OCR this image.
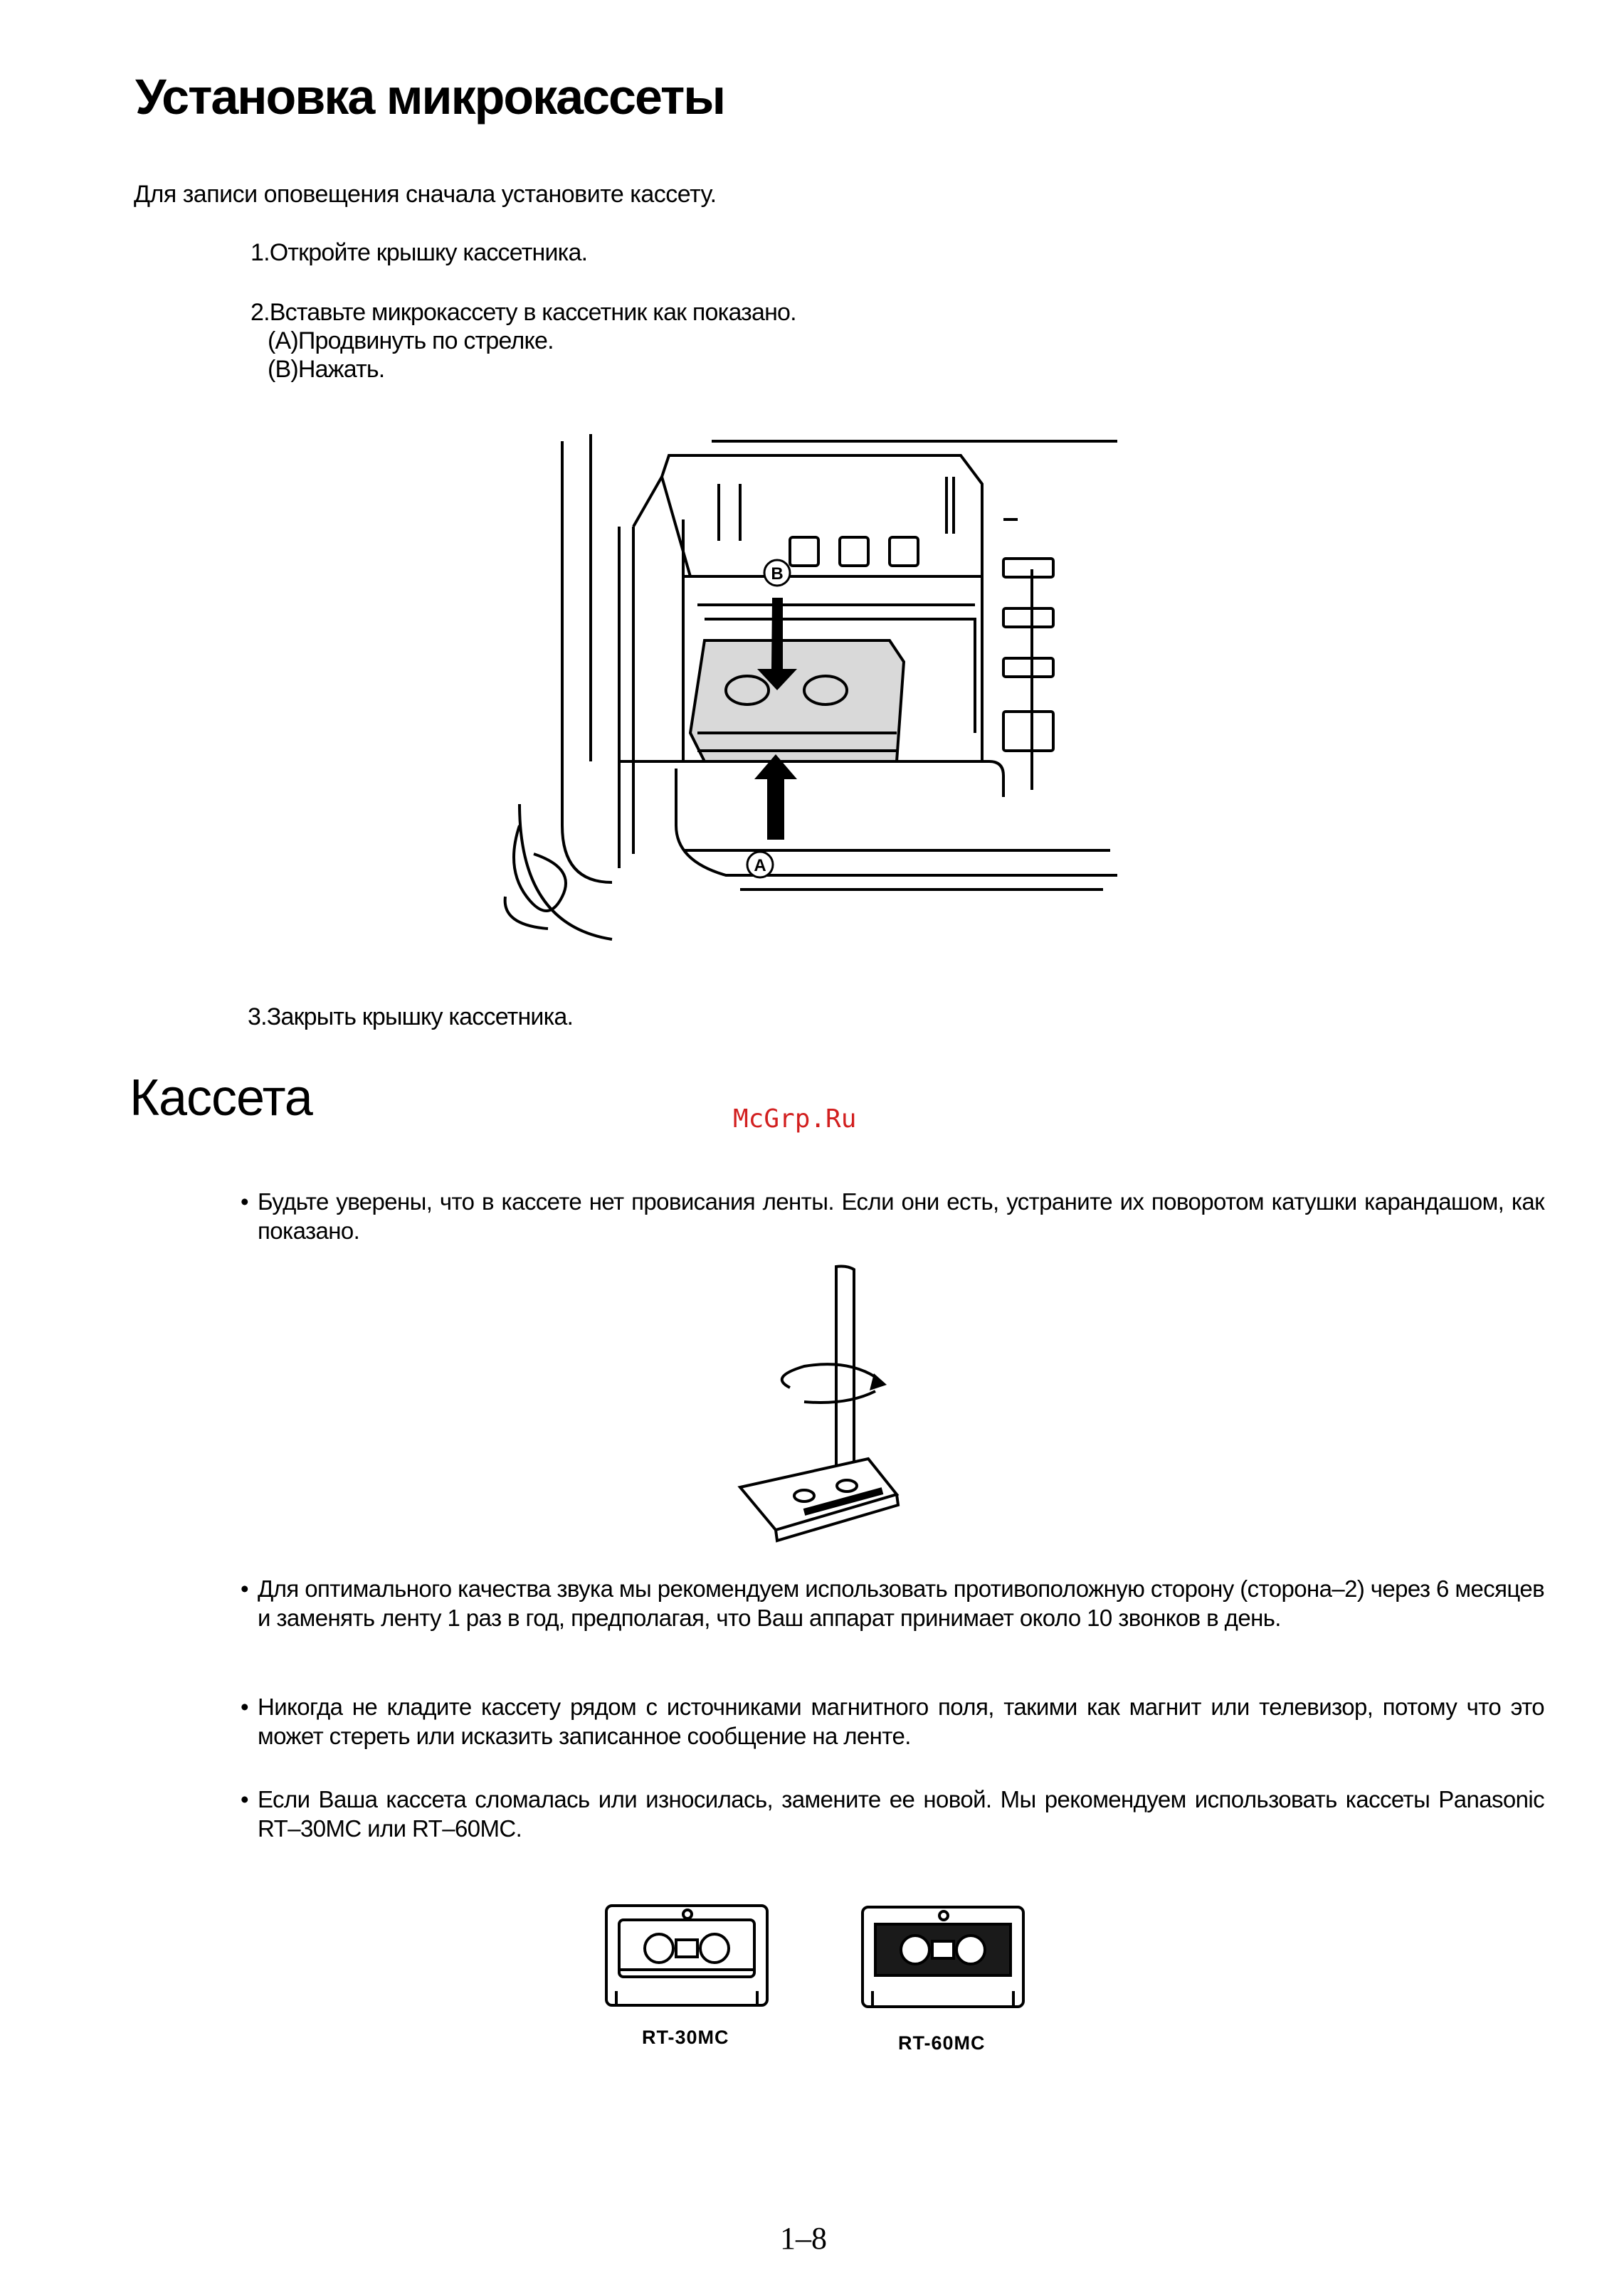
Установка микрокассеты
Для записи оповещения сначала установите кассету.
1.Откройте крышку кассетника.
2.Вставьте микрокассету в кассетник как показано.
(А)Продвинуть по стрелке.
(В)Нажать.
B
A
3.Закрыть крышку кассетника.
Кассета	McGrp.Ru
• Будьте уверены, что в кассете нет провисания ленты. Если они есть, устраните их поворотом катушки карандашом, как показано.
• Для оптимального качества звука мы рекомендуем использовать противоположную сторону (сторона–2) через 6 месяцев и заменять ленту 1 раз в год, предполагая, что Ваш аппарат принимает около 10 звонков в день.
• Никогда не кладите кассету рядом с источниками магнитного поля, такими как магнит или телевизор, потому что это может стереть или исказить записанное сообщение на ленте.
• Если Ваша кассета сломалась или износилась, замените ее новой. Мы рекомендуем использовать кассеты Panasonic RT–30MC или RT–60MC.
RT-30MC	RT-60MC
1–8
